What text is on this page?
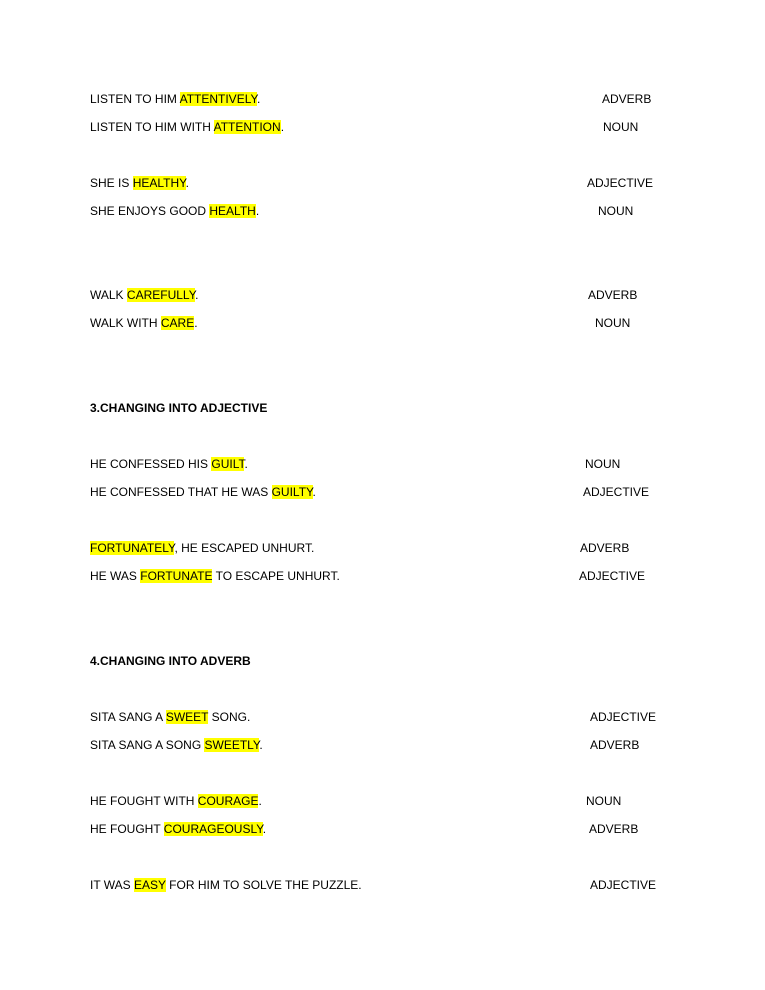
LISTEN TO HIM ATTENTIVELY.	ADVERB
LISTEN TO HIM WITH ATTENTION.	NOUN
SHE IS HEALTHY.	ADJECTIVE
SHE ENJOYS GOOD HEALTH.	NOUN
WALK CAREFULLY.	ADVERB
WALK WITH CARE.	NOUN
3.CHANGING INTO ADJECTIVE
HE CONFESSED HIS GUILT.	NOUN
HE CONFESSED THAT HE WAS GUILTY.	ADJECTIVE
FORTUNATELY, HE ESCAPED UNHURT.	ADVERB
HE WAS FORTUNATE TO ESCAPE UNHURT.	ADJECTIVE
4.CHANGING INTO ADVERB
SITA SANG A SWEET SONG.	ADJECTIVE
SITA SANG A SONG SWEETLY.	ADVERB
HE FOUGHT WITH COURAGE.	NOUN
HE FOUGHT COURAGEOUSLY.	ADVERB
IT WAS EASY FOR HIM TO SOLVE THE PUZZLE.	ADJECTIVE
